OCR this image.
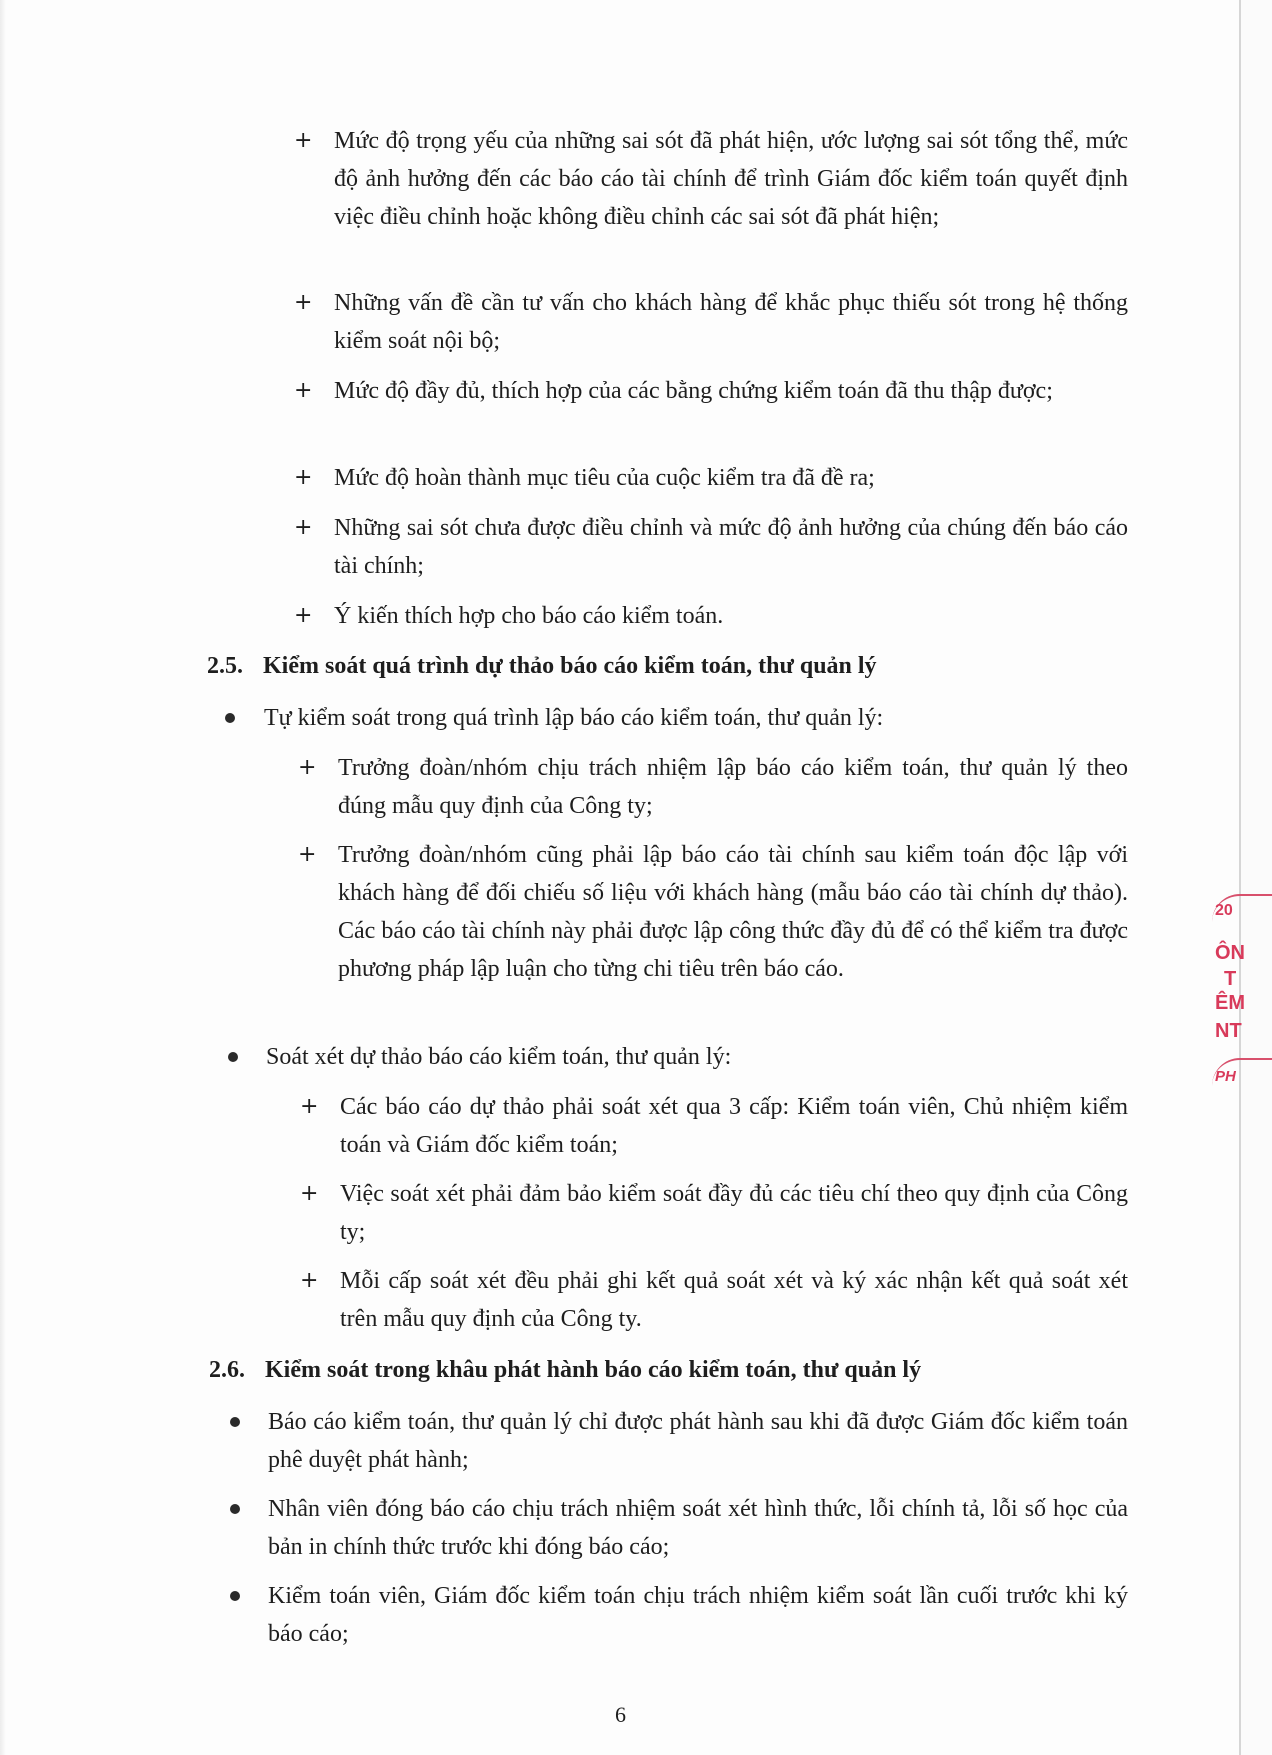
+ Mức độ trọng yếu của những sai sót đã phát hiện, ước lượng sai sót tổng thể, mức độ ảnh hưởng đến các báo cáo tài chính để trình Giám đốc kiểm toán quyết định việc điều chỉnh hoặc không điều chỉnh các sai sót đã phát hiện;
+ Những vấn đề cần tư vấn cho khách hàng để khắc phục thiếu sót trong hệ thống kiểm soát nội bộ;
+ Mức độ đầy đủ, thích hợp của các bằng chứng kiểm toán đã thu thập được;
+ Mức độ hoàn thành mục tiêu của cuộc kiểm tra đã đề ra;
+ Những sai sót chưa được điều chỉnh và mức độ ảnh hưởng của chúng đến báo cáo tài chính;
+ Ý kiến thích hợp cho báo cáo kiểm toán.
2.5. Kiểm soát quá trình dự thảo báo cáo kiểm toán, thư quản lý
Tự kiểm soát trong quá trình lập báo cáo kiểm toán, thư quản lý:
+ Trưởng đoàn/nhóm chịu trách nhiệm lập báo cáo kiểm toán, thư quản lý theo đúng mẫu quy định của Công ty;
+ Trưởng đoàn/nhóm cũng phải lập báo cáo tài chính sau kiểm toán độc lập với khách hàng để đối chiếu số liệu với khách hàng (mẫu báo cáo tài chính dự thảo). Các báo cáo tài chính này phải được lập công thức đầy đủ để có thể kiểm tra được phương pháp lập luận cho từng chi tiêu trên báo cáo.
Soát xét dự thảo báo cáo kiểm toán, thư quản lý:
+ Các báo cáo dự thảo phải soát xét qua 3 cấp: Kiểm toán viên, Chủ nhiệm kiểm toán và Giám đốc kiểm toán;
+ Việc soát xét phải đảm bảo kiểm soát đầy đủ các tiêu chí theo quy định của Công ty;
+ Mỗi cấp soát xét đều phải ghi kết quả soát xét và ký xác nhận kết quả soát xét trên mẫu quy định của Công ty.
2.6. Kiểm soát trong khâu phát hành báo cáo kiểm toán, thư quản lý
Báo cáo kiểm toán, thư quản lý chỉ được phát hành sau khi đã được Giám đốc kiểm toán phê duyệt phát hành;
Nhân viên đóng báo cáo chịu trách nhiệm soát xét hình thức, lỗi chính tả, lỗi số học của bản in chính thức trước khi đóng báo cáo;
Kiểm toán viên, Giám đốc kiểm toán chịu trách nhiệm kiểm soát lần cuối trước khi ký báo cáo;
6
20
ÔN
T
ÊM
NT
PH
